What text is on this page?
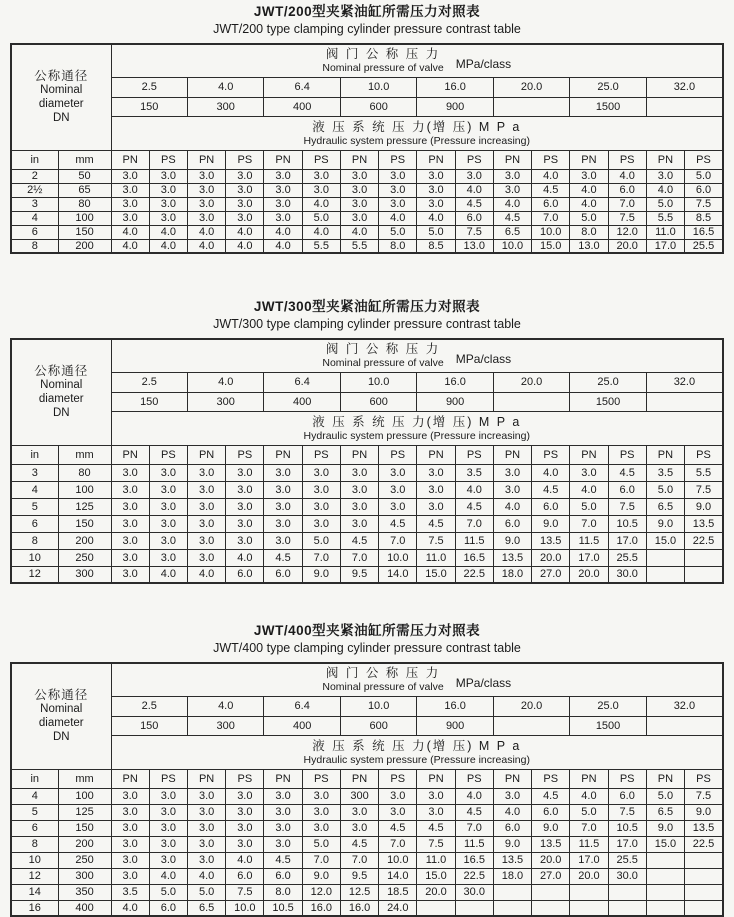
JWT/200型夹紧油缸所需压力对照表
JWT/200 type clamping cylinder pressure contrast table
公称通径
Nominal
diameter
DN

阀 门 公 称 压 力
Nominal pressure of valve MPa/class

		2.5		4.0		6.4		10.0		16.0		20.0		25.0		32.0	
		150		300		400		600		900				1500			

		液 压 系 统 压 力(增 压) M P a
Hydraulic system pressure (Pressure increasing)															

in	mm	PN	PS	PN	PS	PN	PS	PN	PS	PN	PS	PN	PS	PN	PS	PN	PS
2	50	3.0	3.0	3.0	3.0	3.0	3.0	3.0	3.0	3.0	3.0	3.0	4.0	3.0	4.0	3.0	5.0
2½	65	3.0	3.0	3.0	3.0	3.0	3.0	3.0	3.0	3.0	4.0	3.0	4.5	4.0	6.0	4.0	6.0
3	80	3.0	3.0	3.0	3.0	3.0	4.0	3.0	3.0	3.0	4.5	4.0	6.0	4.0	7.0	5.0	7.5
4	100	3.0	3.0	3.0	3.0	3.0	5.0	3.0	4.0	4.0	6.0	4.5	7.0	5.0	7.5	5.5	8.5
6	150	4.0	4.0	4.0	4.0	4.0	4.0	4.0	5.0	5.0	7.5	6.5	10.0	8.0	12.0	11.0	16.5
8	200	4.0	4.0	4.0	4.0	4.0	5.5	5.5	8.0	8.5	13.0	10.0	15.0	13.0	20.0	17.0	25.5
JWT/300型夹紧油缸所需压力对照表
JWT/300 type clamping cylinder pressure contrast table
公称通径
Nominal
diameter
DN

阀 门 公 称 压 力
Nominal pressure of valve MPa/class

		2.5		4.0		6.4		10.0		16.0		20.0		25.0		32.0	
		150		300		400		600		900				1500			

		液 压 系 统 压 力(增 压) M P a
Hydraulic system pressure (Pressure increasing)															

in	mm	PN	PS	PN	PS	PN	PS	PN	PS	PN	PS	PN	PS	PN	PS	PN	PS
3	80	3.0	3.0	3.0	3.0	3.0	3.0	3.0	3.0	3.0	3.5	3.0	4.0	3.0	4.5	3.5	5.5
4	100	3.0	3.0	3.0	3.0	3.0	3.0	3.0	3.0	3.0	4.0	3.0	4.5	4.0	6.0	5.0	7.5
5	125	3.0	3.0	3.0	3.0	3.0	3.0	3.0	3.0	3.0	4.5	4.0	6.0	5.0	7.5	6.5	9.0
6	150	3.0	3.0	3.0	3.0	3.0	3.0	3.0	4.5	4.5	7.0	6.0	9.0	7.0	10.5	9.0	13.5
8	200	3.0	3.0	3.0	3.0	3.0	5.0	4.5	7.0	7.5	11.5	9.0	13.5	11.5	17.0	15.0	22.5
10	250	3.0	3.0	3.0	4.0	4.5	7.0	7.0	10.0	11.0	16.5	13.5	20.0	17.0	25.5		
12	300	3.0	4.0	4.0	6.0	6.0	9.0	9.5	14.0	15.0	22.5	18.0	27.0	20.0	30.0		
JWT/400型夹紧油缸所需压力对照表
JWT/400 type clamping cylinder pressure contrast table
公称通径
Nominal
diameter
DN

阀 门 公 称 压 力
Nominal pressure of valve MPa/class

		2.5		4.0		6.4		10.0		16.0		20.0		25.0		32.0	
		150		300		400		600		900				1500			

		液 压 系 统 压 力(增 压) M P a
Hydraulic system pressure (Pressure increasing)															

in	mm	PN	PS	PN	PS	PN	PS	PN	PS	PN	PS	PN	PS	PN	PS	PN	PS
4	100	3.0	3.0	3.0	3.0	3.0	3.0	300	3.0	3.0	4.0	3.0	4.5	4.0	6.0	5.0	7.5
5	125	3.0	3.0	3.0	3.0	3.0	3.0	3.0	3.0	3.0	4.5	4.0	6.0	5.0	7.5	6.5	9.0
6	150	3.0	3.0	3.0	3.0	3.0	3.0	3.0	4.5	4.5	7.0	6.0	9.0	7.0	10.5	9.0	13.5
8	200	3.0	3.0	3.0	3.0	3.0	5.0	4.5	7.0	7.5	11.5	9.0	13.5	11.5	17.0	15.0	22.5
10	250	3.0	3.0	3.0	4.0	4.5	7.0	7.0	10.0	11.0	16.5	13.5	20.0	17.0	25.5		
12	300	3.0	4.0	4.0	6.0	6.0	9.0	9.5	14.0	15.0	22.5	18.0	27.0	20.0	30.0		
14	350	3.5	5.0	5.0	7.5	8.0	12.0	12.5	18.5	20.0	30.0						
16	400	4.0	6.0	6.5	10.0	10.5	16.0	16.0	24.0								
